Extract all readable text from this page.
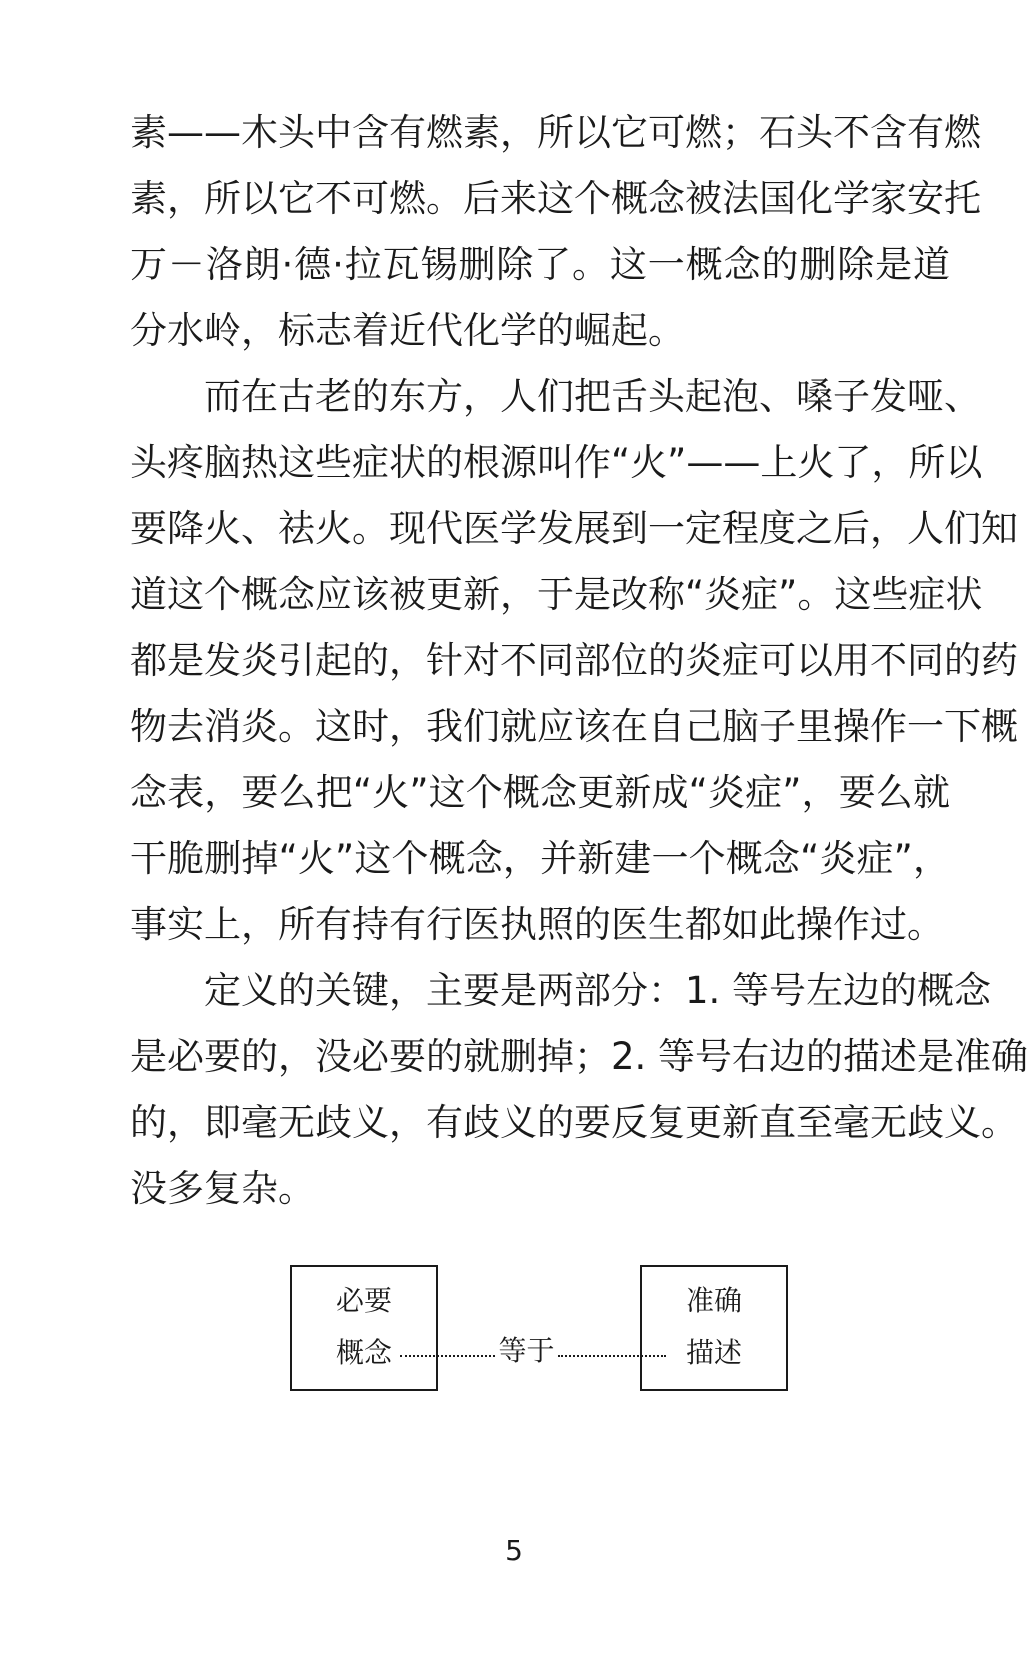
素——木头中含有燃素，所以它可燃；石头不含有燃
素，所以它不可燃。后来这个概念被法国化学家安托
万－洛朗·德·拉瓦锡删除了。这一概念的删除是道
分水岭，标志着近代化学的崛起。
　　而在古老的东方，人们把舌头起泡、嗓子发哑、
头疼脑热这些症状的根源叫作“火”——上火了，所以
要降火、祛火。现代医学发展到一定程度之后，人们知
道这个概念应该被更新，于是改称“炎症”。这些症状
都是发炎引起的，针对不同部位的炎症可以用不同的药
物去消炎。这时，我们就应该在自己脑子里操作一下概
念表，要么把“火”这个概念更新成“炎症”，要么就
干脆删掉“火”这个概念，并新建一个概念“炎症”，
事实上，所有持有行医执照的医生都如此操作过。
　　定义的关键，主要是两部分：1. 等号左边的概念
是必要的，没必要的就删掉；2. 等号右边的描述是准确
的，即毫无歧义，有歧义的要反复更新直至毫无歧义。
没多复杂。
必要
概念	等于
准确
描述
5
